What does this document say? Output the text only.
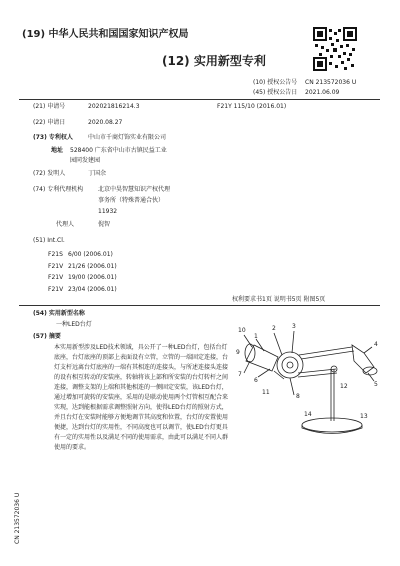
(19) 中华人民共和国国家知识产权局
(12) 实用新型专利
(10) 授权公告号 CN 213572036 U
(45) 授权公告日 2021.06.09
(21) 申请号	202021816214.3	F21Y 115/10 (2016.01)
(22) 申请日	2020.08.27
(73) 专利权人	中山市千商灯饰实业有限公司
地址 528400 广东省中山市古镇民益工业
园同发建园
(72) 发明人	丁国余
(74) 专利代理机构 北京中昊智慧知识产权代理
事务所（特殊普通合伙）
11932
代理人	倪智
(51) Int.Cl.
F21S 6/00 (2006.01)
F21V 21/26 (2006.01)
F21V 19/00 (2006.01)
F21V 23/04 (2006.01)
权利要求书1页 说明书5页 附图5页
(54) 实用新型名称
一种LED台灯
(57) 摘要
本实用新型涉及LED技术领域，具公开了一种LED台灯，包括台灯底座，台灯底座的顶部上表面设有立管，立管的一端固定连接，台灯支杆远离台灯底座的一端有其相连的连接头，与所述连接头连接的设有相互转动的安装座，转轴将该上部和所安装的台灯转杆之间连接，调整支架的上端和其他相连的一侧固定安装，该LED台灯，通过增加可旋转的安装座，采用的是联动使用两个灯管相互配合来实现，达到能根据需求调整照射方向，使得LED台灯的照射方式，并且台灯在安装时能够方便地调节其高度和位置，台灯的安置使用便捷，达到台灯的实用性，不同高度也可以调节，使LED台灯更具有一定的实用性以及满足不同的使用需求，由此可以满足不同人群使用的要求。
CN 213572036 U
10
1
2	3
4
5
6
7
8
9
11
12
13
14
